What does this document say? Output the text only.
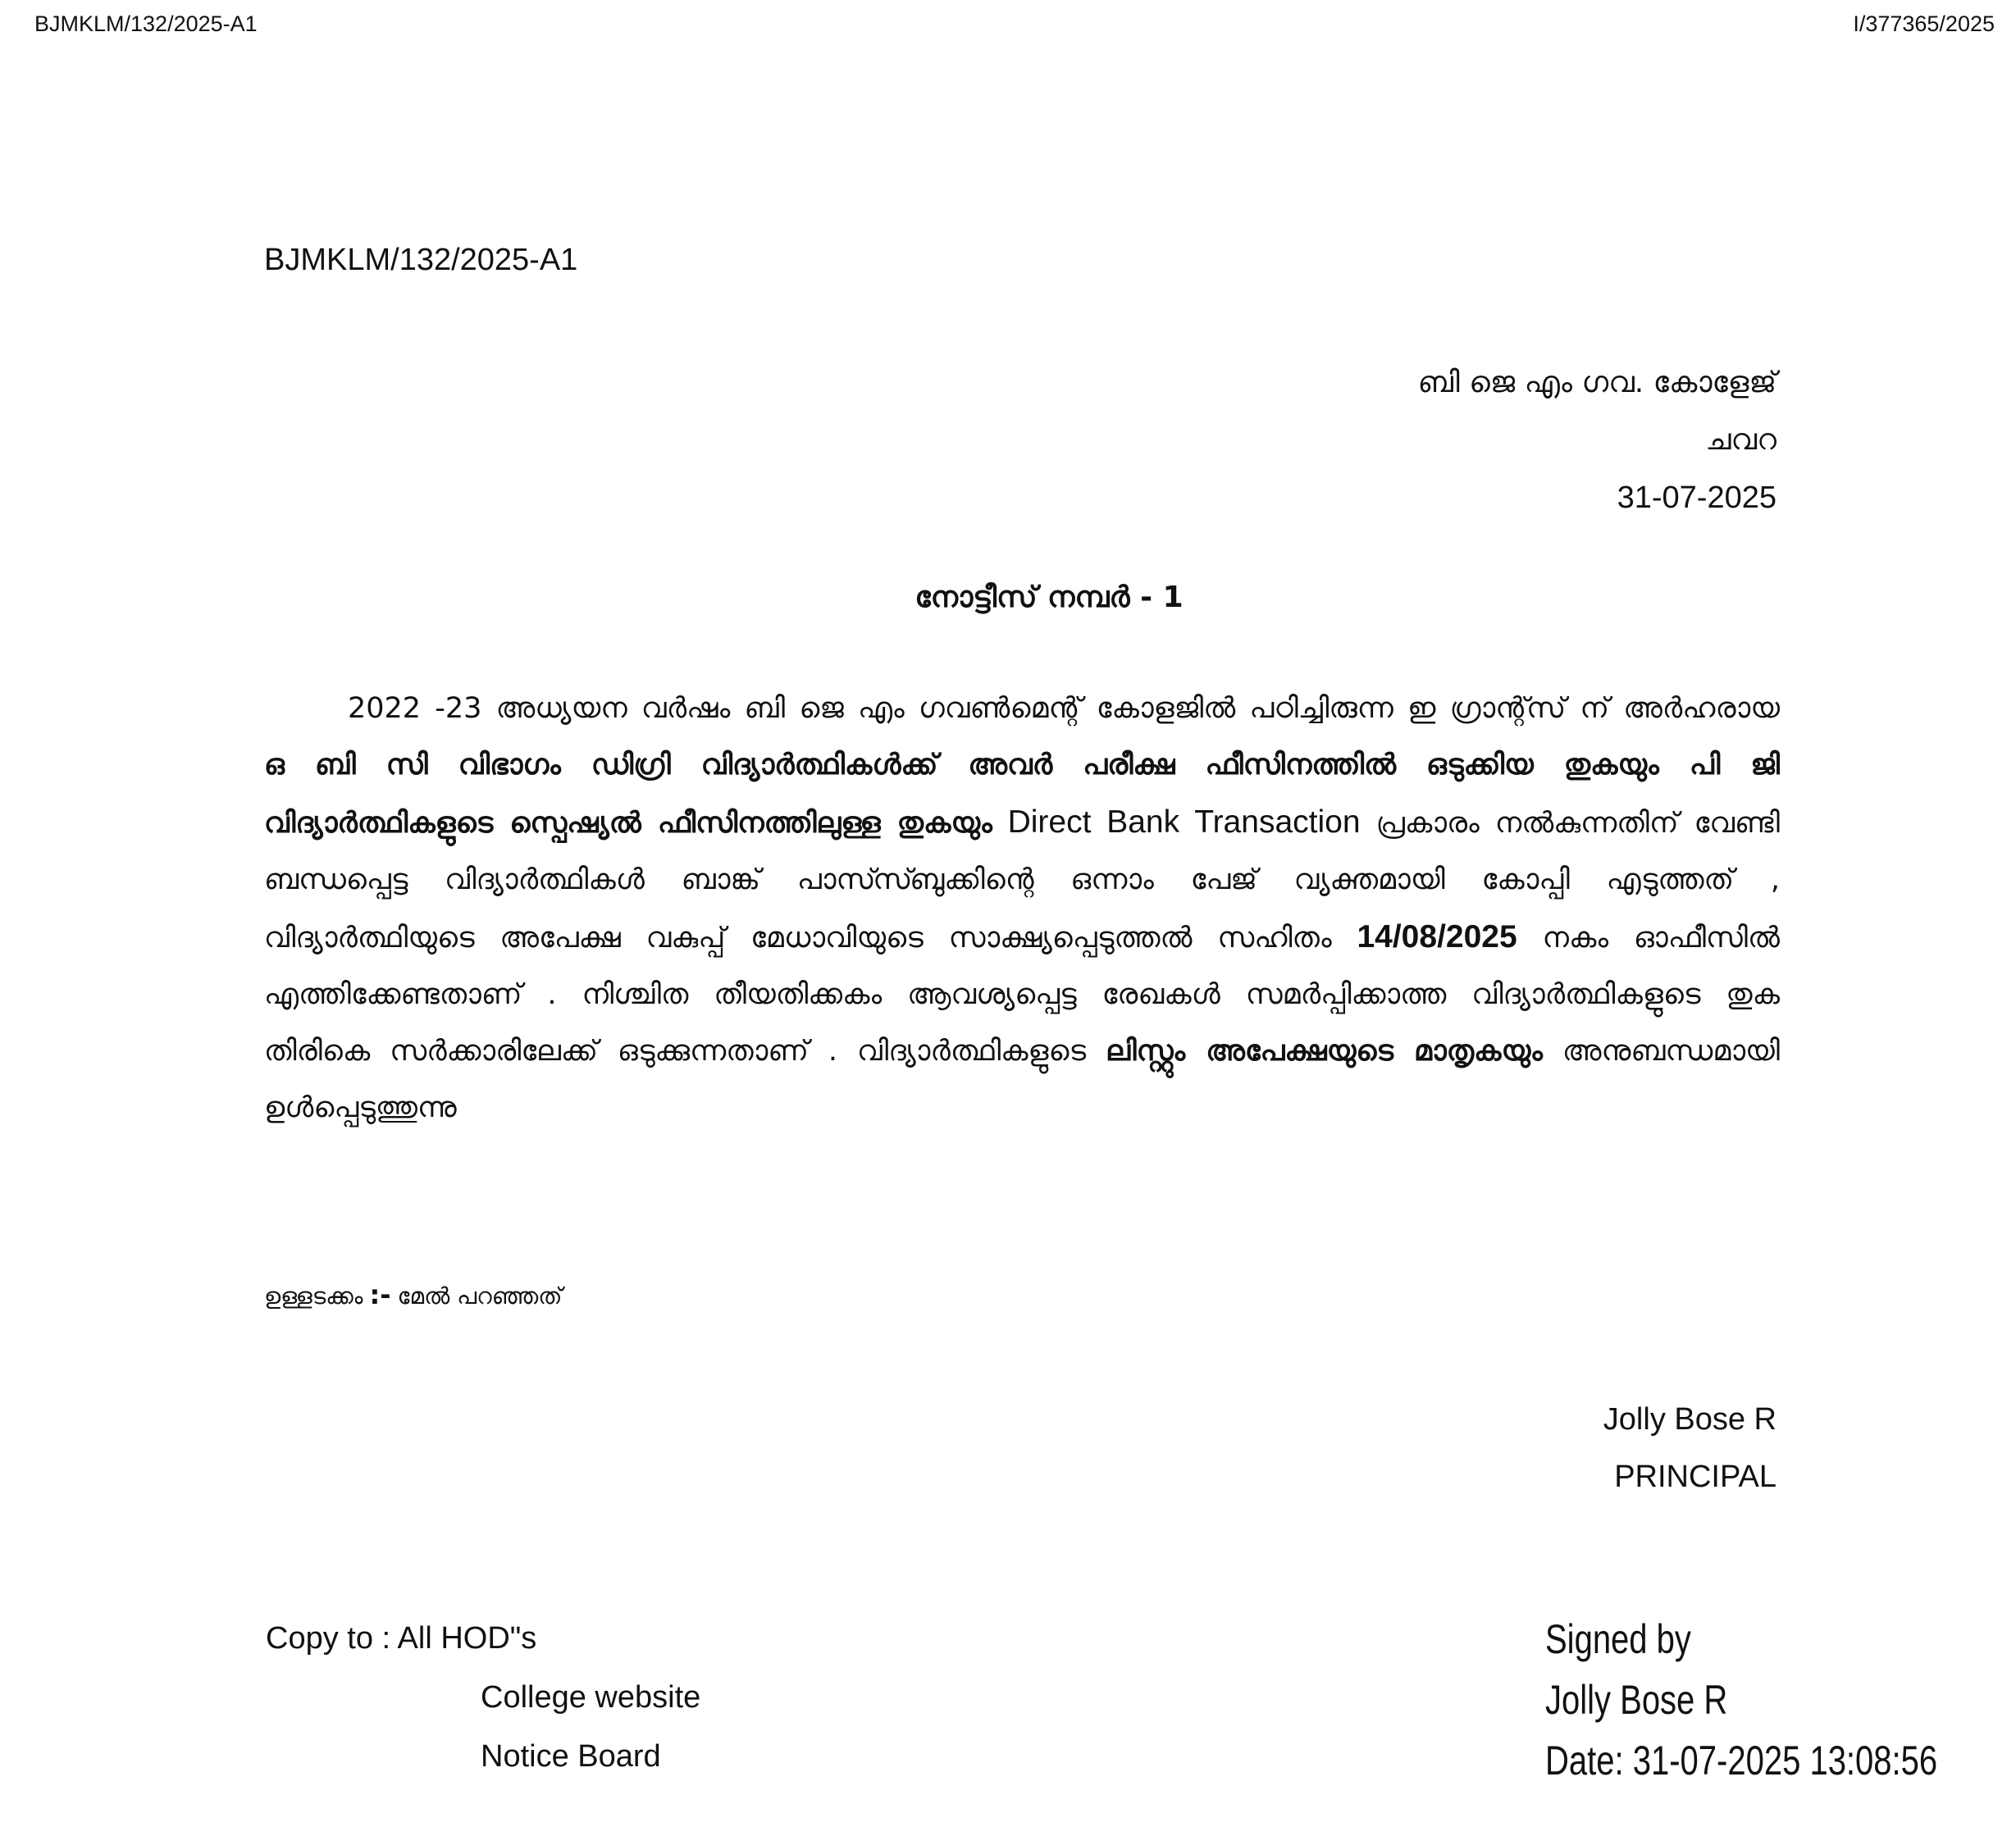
BJMKLM/132/2025-A1	I/377365/2025
BJMKLM/132/2025-A1
ബി ജെ എം ഗവ. കോളേജ്
ചവറ
31-07-2025
നോട്ടീസ് നമ്പർ - 1
2022 -23 അധ്യയന വർഷം ബി ജെ എം ഗവൺമെന്റ് കോളജിൽ പഠിച്ചിരുന്ന ഇ ഗ്രാന്റ്സ് ന് അർഹരായ ഒ ബി സി വിഭാഗം ഡിഗ്രി വിദ്യാർത്ഥികൾക്ക് അവർ പരീക്ഷ ഫീസിനത്തിൽ ഒടുക്കിയ തുകയും പി ജി വിദ്യാർത്ഥികളുടെ സ്പെഷ്യൽ ഫീസിനത്തിലുള്ള തുകയും Direct Bank Transaction പ്രകാരം നൽകുന്നതിന് വേണ്ടി ബന്ധപ്പെട്ട വിദ്യാർത്ഥികൾ ബാങ്ക് പാസ്സ്ബുക്കിന്റെ ഒന്നാം പേജ് വ്യക്തമായി കോപ്പി എടുത്തത് , വിദ്യാർത്ഥിയുടെ അപേക്ഷ വകുപ്പ് മേധാവിയുടെ സാക്ഷ്യപ്പെടുത്തൽ സഹിതം 14/08/2025 നകം ഓഫീസിൽ എത്തിക്കേണ്ടതാണ് . നിശ്ചിത തീയതിക്കകം ആവശ്യപ്പെട്ട രേഖകൾ സമർപ്പിക്കാത്ത വിദ്യാർത്ഥികളുടെ തുക തിരികെ സർക്കാരിലേക്ക് ഒടുക്കുന്നതാണ് . വിദ്യാർത്ഥികളുടെ ലിസ്റ്റും അപേക്ഷയുടെ മാതൃകയും അനുബന്ധമായി ഉൾപ്പെടുത്തുന്നു
ഉള്ളടക്കം :- മേൽ പറഞ്ഞത്
Jolly Bose R
PRINCIPAL
Copy to : All HOD"s
College website
Notice Board
Signed by
Jolly Bose R
Date: 31-07-2025 13:08:56
